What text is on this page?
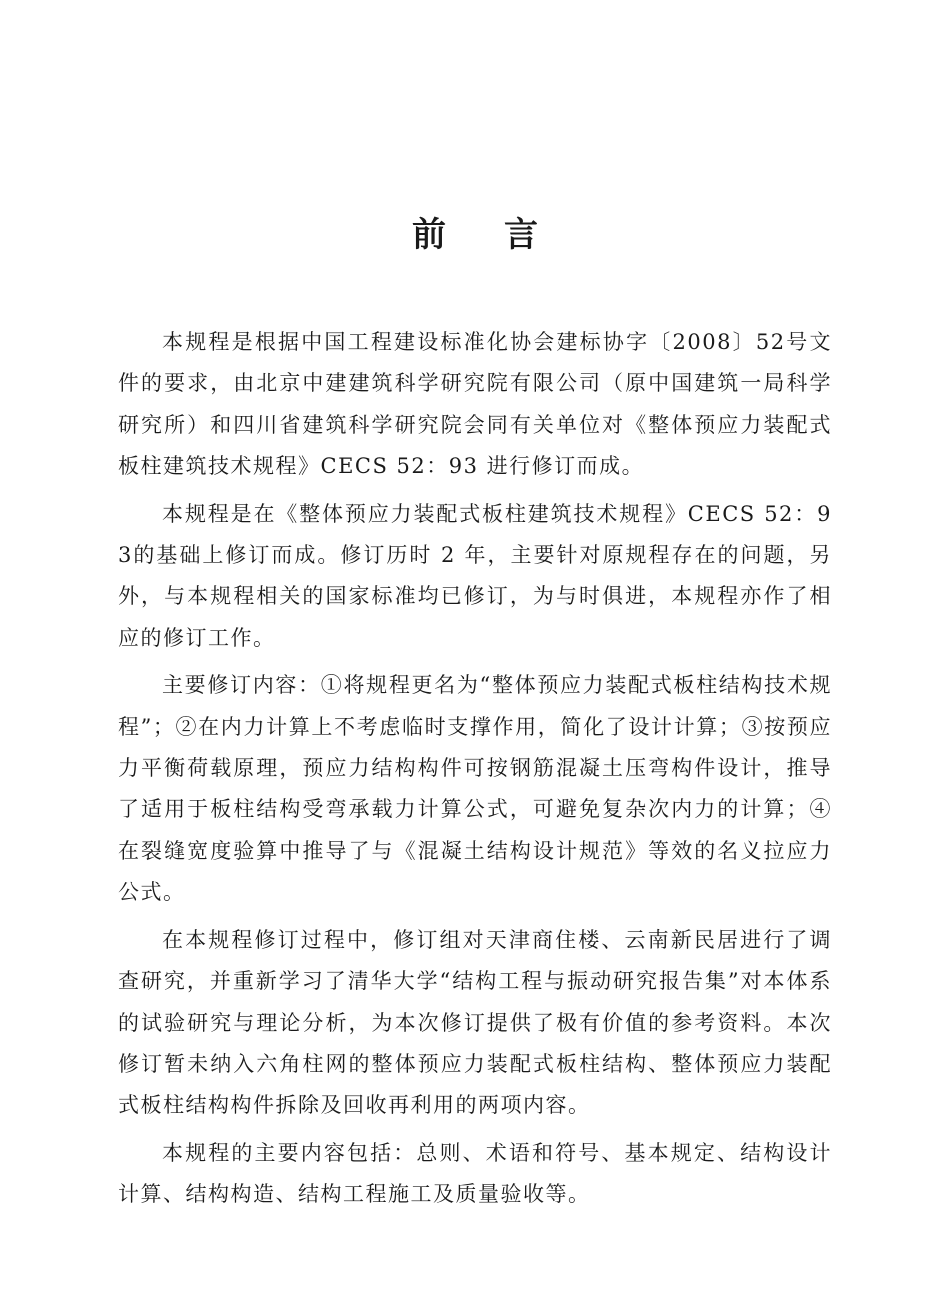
前言

本规程是根据中国工程建设标准化协会建标协字〔2008〕52号文件的要求，由北京中建建筑科学研究院有限公司（原中国建筑一局科学研究所）和四川省建筑科学研究院会同有关单位对《整体预应力装配式板柱建筑技术规程》CECS 52：93 进行修订而成。

本规程是在《整体预应力装配式板柱建筑技术规程》CECS 52：93的基础上修订而成。修订历时 2 年，主要针对原规程存在的问题，另外，与本规程相关的国家标准均已修订，为与时俱进，本规程亦作了相应的修订工作。

主要修订内容：①将规程更名为“整体预应力装配式板柱结构技术规程”；②在内力计算上不考虑临时支撑作用，简化了设计计算；③按预应力平衡荷载原理，预应力结构构件可按钢筋混凝土压弯构件设计，推导了适用于板柱结构受弯承载力计算公式，可避免复杂次内力的计算；④在裂缝宽度验算中推导了与《混凝土结构设计规范》等效的名义拉应力公式。

在本规程修订过程中，修订组对天津商住楼、云南新民居进行了调查研究，并重新学习了清华大学“结构工程与振动研究报告集”对本体系的试验研究与理论分析，为本次修订提供了极有价值的参考资料。本次修订暂未纳入六角柱网的整体预应力装配式板柱结构、整体预应力装配式板柱结构构件拆除及回收再利用的两项内容。

本规程的主要内容包括：总则、术语和符号、基本规定、结构设计计算、结构构造、结构工程施工及质量验收等。
